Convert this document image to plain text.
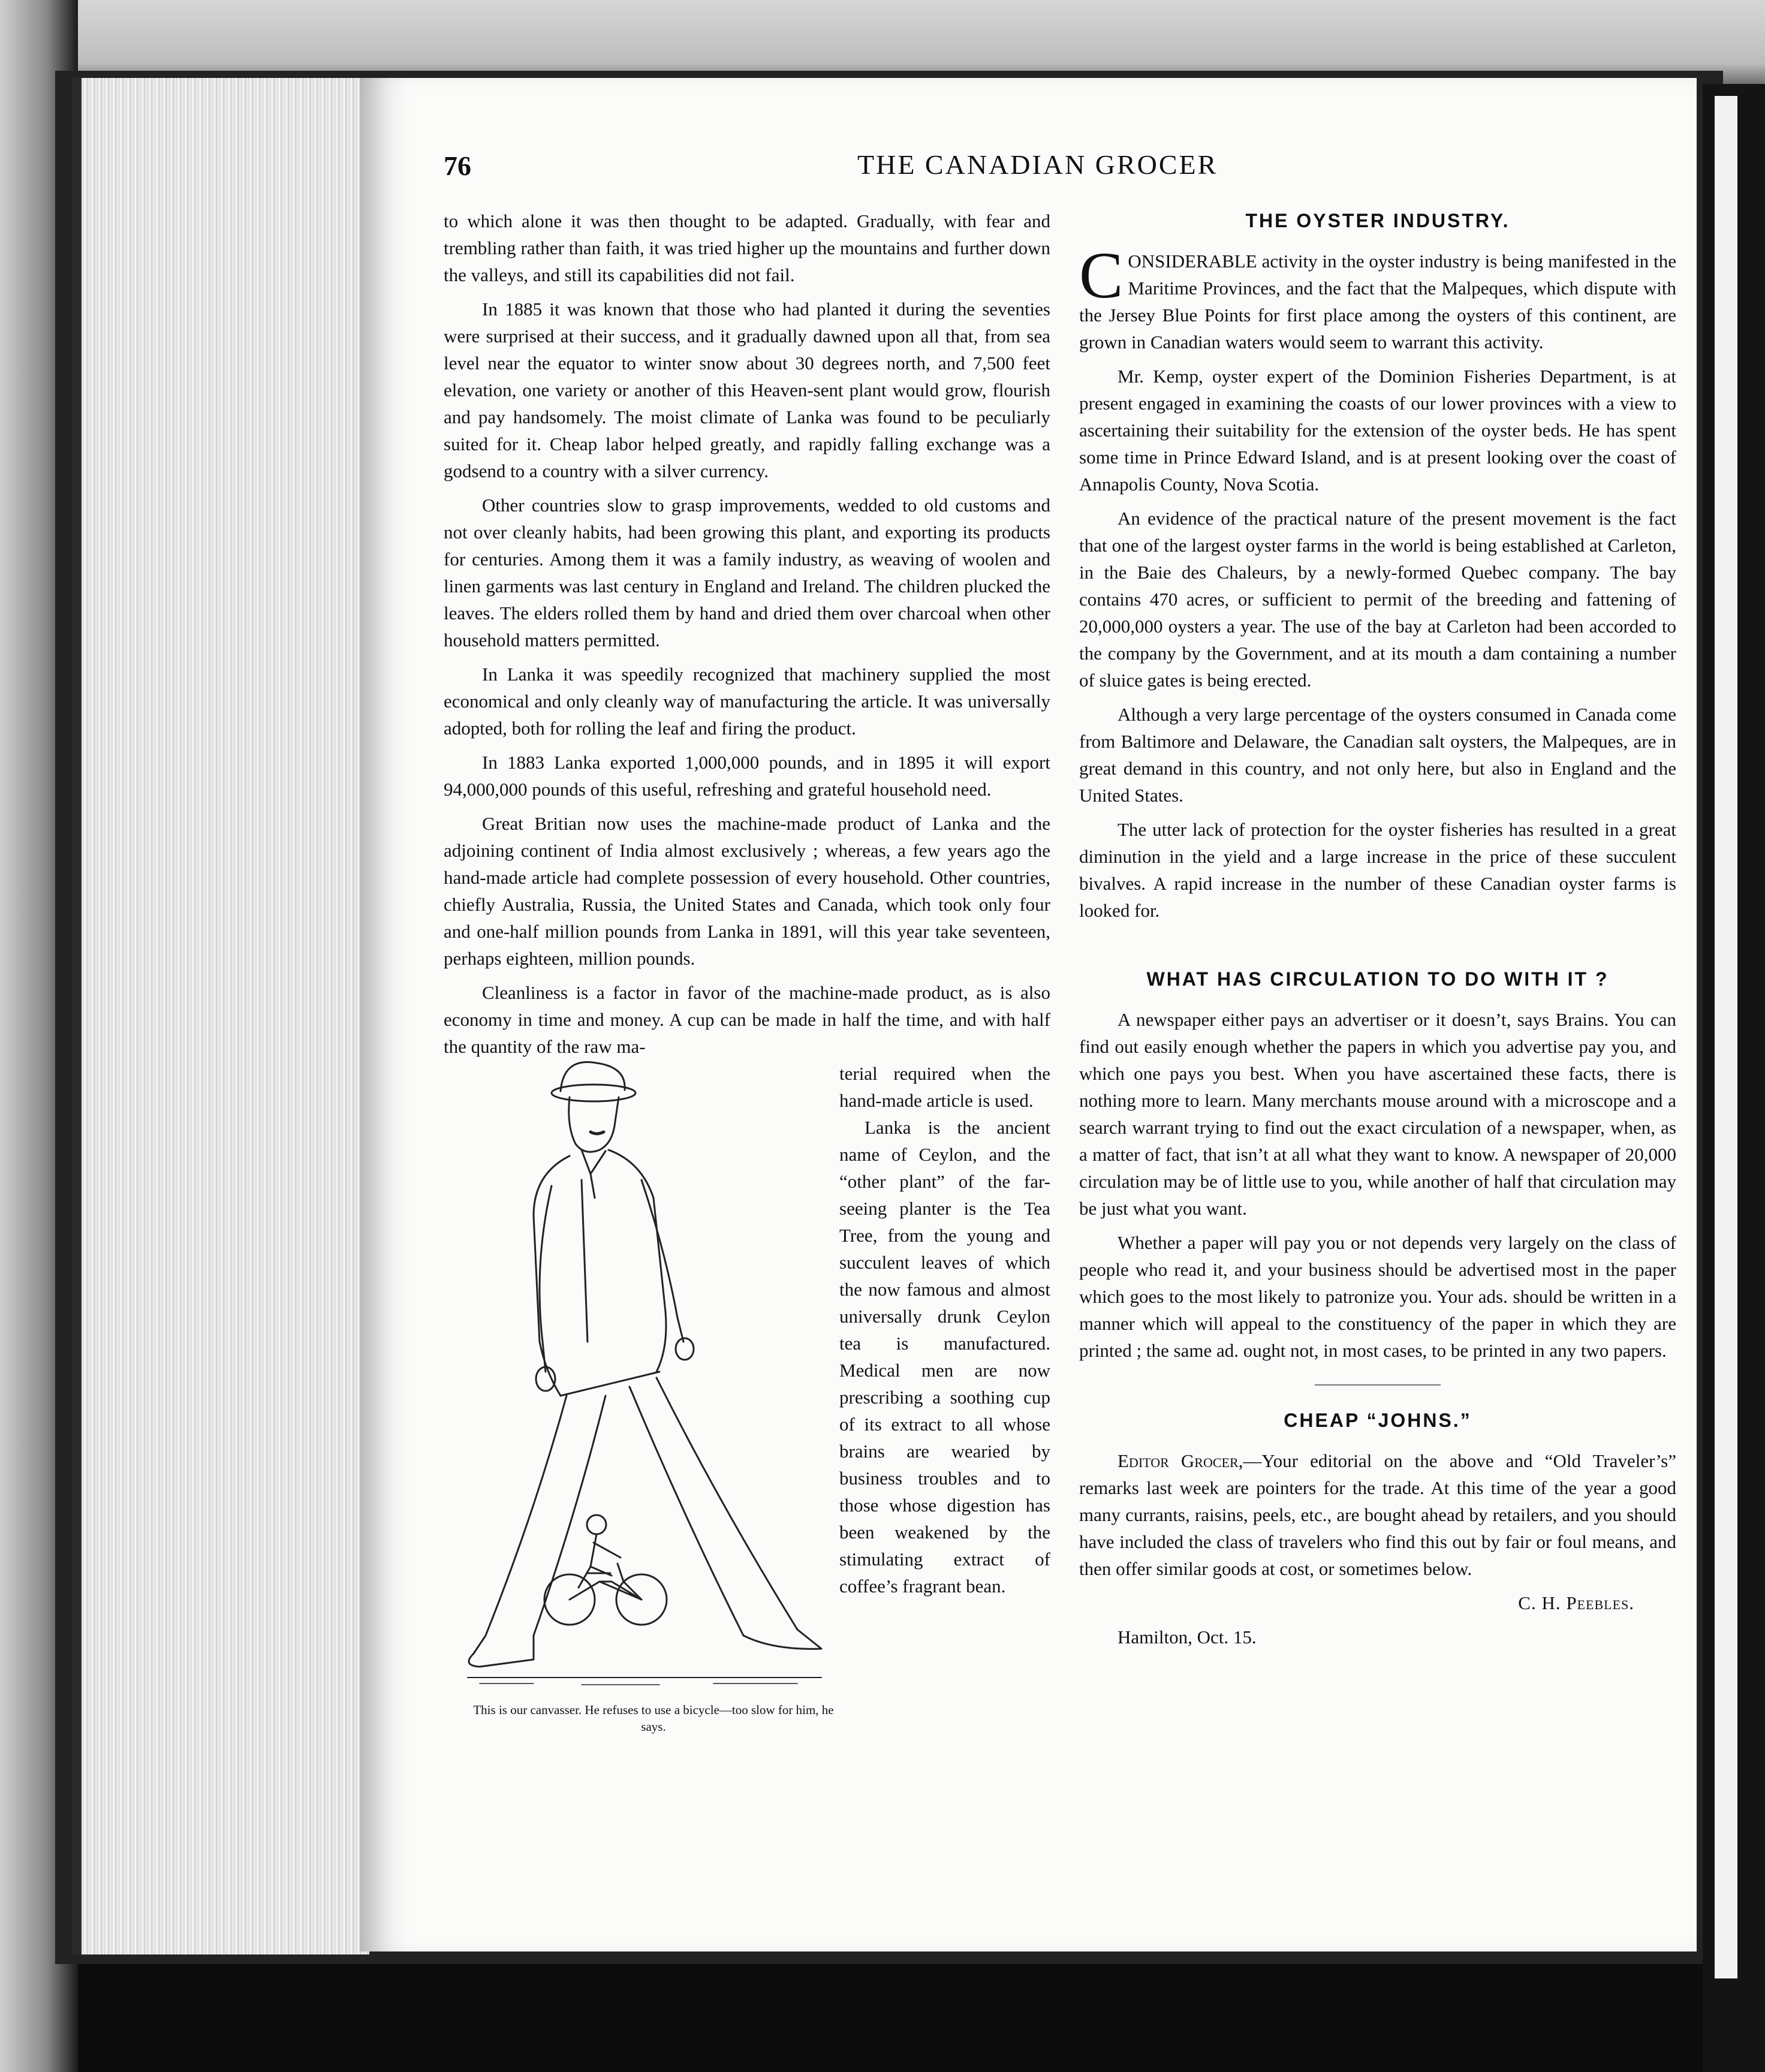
76	THE CANADIAN GROCER

to which alone it was then thought to be adapted. Gradually, with fear and trembling rather than faith, it was tried higher up the mountains and further down the valleys, and still its capabilities did not fail.

In 1885 it was known that those who had planted it during the seventies were surprised at their success, and it gradually dawned upon all that, from sea level near the equator to winter snow about 30 degrees north, and 7,500 feet elevation, one variety or another of this Heaven-sent plant would grow, flourish and pay handsomely. The moist climate of Lanka was found to be peculiarly suited for it. Cheap labor helped greatly, and rapidly falling exchange was a godsend to a country with a silver currency.

Other countries slow to grasp improvements, wedded to old customs and not over cleanly habits, had been growing this plant, and exporting its products for centuries. Among them it was a family industry, as weaving of woolen and linen garments was last century in England and Ireland. The children plucked the leaves. The elders rolled them by hand and dried them over charcoal when other household matters permitted.

In Lanka it was speedily recognized that machinery supplied the most economical and only cleanly way of manufacturing the article. It was universally adopted, both for rolling the leaf and firing the product.

In 1883 Lanka exported 1,000,000 pounds, and in 1895 it will export 94,000,000 pounds of this useful, refreshing and grateful household need.

Great Britian now uses the machine-made product of Lanka and the adjoining continent of India almost exclusively ; whereas, a few years ago the hand-made article had complete possession of every household. Other countries, chiefly Australia, Russia, the United States and Canada, which took only four and one-half million pounds from Lanka in 1891, will this year take seventeen, perhaps eighteen, million pounds.

Cleanliness is a factor in favor of the machine-made product, as is also economy in time and money. A cup can be made in half the time, and with half the quantity of the raw ma-

terial required when the hand-made article is used.

Lanka is the ancient name of Ceylon, and the “other plant” of the far-seeing planter is the Tea Tree, from the young and succulent leaves of which the now famous and almost universally drunk Ceylon tea is manufactured. Medical men are now prescribing a soothing cup of its extract to all whose brains are wearied by business troubles and to those whose digestion has been weakened by the stimulating extract of coffee’s fragrant bean.

This is our canvasser. He refuses to use a bicycle—too slow for him, he says.
THE OYSTER INDUSTRY.

CONSIDERABLE activity in the oyster industry is being manifested in the Maritime Provinces, and the fact that the Malpeques, which dispute with the Jersey Blue Points for first place among the oysters of this continent, are grown in Canadian waters would seem to warrant this activity.

Mr. Kemp, oyster expert of the Dominion Fisheries Department, is at present engaged in examining the coasts of our lower provinces with a view to ascertaining their suitability for the extension of the oyster beds. He has spent some time in Prince Edward Island, and is at present looking over the coast of Annapolis County, Nova Scotia.

An evidence of the practical nature of the present movement is the fact that one of the largest oyster farms in the world is being established at Carleton, in the Baie des Chaleurs, by a newly-formed Quebec company. The bay contains 470 acres, or sufficient to permit of the breeding and fattening of 20,000,000 oysters a year. The use of the bay at Carleton had been accorded to the company by the Government, and at its mouth a dam containing a number of sluice gates is being erected.

Although a very large percentage of the oysters consumed in Canada come from Baltimore and Delaware, the Canadian salt oysters, the Malpeques, are in great demand in this country, and not only here, but also in England and the United States.

The utter lack of protection for the oyster fisheries has resulted in a great diminution in the yield and a large increase in the price of these succulent bivalves. A rapid increase in the number of these Canadian oyster farms is looked for.

WHAT HAS CIRCULATION TO DO WITH IT ?

A newspaper either pays an advertiser or it doesn’t, says Brains. You can find out easily enough whether the papers in which you advertise pay you, and which one pays you best. When you have ascertained these facts, there is nothing more to learn. Many merchants mouse around with a microscope and a search warrant trying to find out the exact circulation of a newspaper, when, as a matter of fact, that isn’t at all what they want to know. A newspaper of 20,000 circulation may be of little use to you, while another of half that circulation may be just what you want.

Whether a paper will pay you or not depends very largely on the class of people who read it, and your business should be advertised most in the paper which goes to the most likely to patronize you. Your ads. should be written in a manner which will appeal to the constituency of the paper in which they are printed ; the same ad. ought not, in most cases, to be printed in any two papers.

CHEAP “JOHNS.”

Editor Grocer,—Your editorial on the above and “Old Traveler’s” remarks last week are pointers for the trade. At this time of the year a good many currants, raisins, peels, etc., are bought ahead by retailers, and you should have included the class of travelers who find this out by fair or foul means, and then offer similar goods at cost, or sometimes below.

C. H. Peebles.

Hamilton, Oct. 15.
